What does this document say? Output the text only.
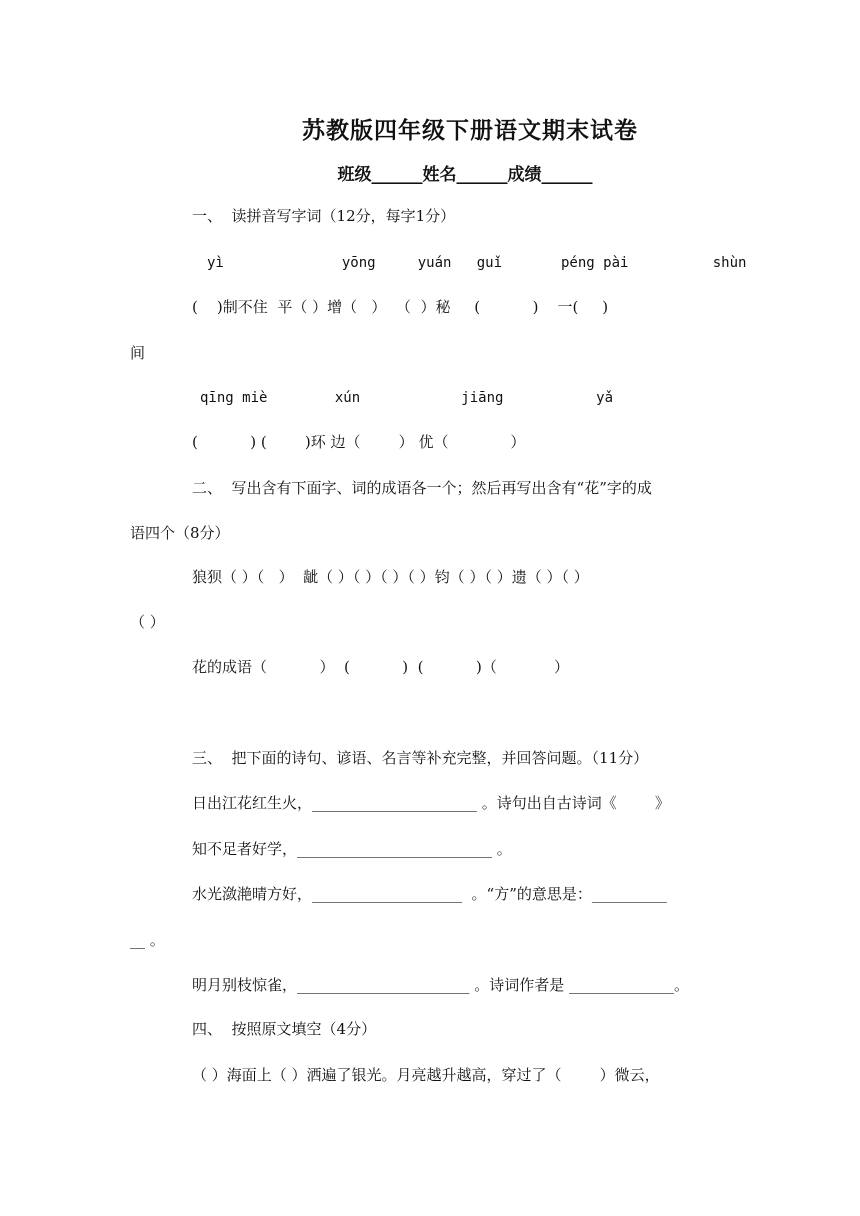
苏教版四年级下册语文期末试卷
班级______姓名______成绩______
一、  读拼音写字词（12分，每字1分）
yì              yōng     yuán   guǐ       péng pài          shùn
(    )制不住  平（ ）增（   ）  （  ）秘     (           )    一(     )
间
qīng miè        xún            jiāng           yǎ
(           ) (        )环 边（        ） 优（             ）
二、  写出含有下面字、词的成语各一个；然后再写出含有“花”字的成
语四个（8分）
狼狈（ ）（   ）  龇（ ）（ ）（ ）（ ）钧（ ）（ ）遗（ ）（ ）
（ ）
花的成语（           ）  (           )  (           )（            ）
三、  把下面的诗句、谚语、名言等补充完整，并回答问题。（11分）
日出江花红生火，______________________ 。诗句出自古诗词《        》
知不足者好学，__________________________ 。
水光潋滟晴方好，____________________  。“方”的意思是：__________
__ 。
明月别枝惊雀，_______________________ 。诗词作者是 ______________。
四、  按照原文填空（4分）
（ ）海面上（ ）洒遍了银光。月亮越升越高，穿过了（        ）微云，
